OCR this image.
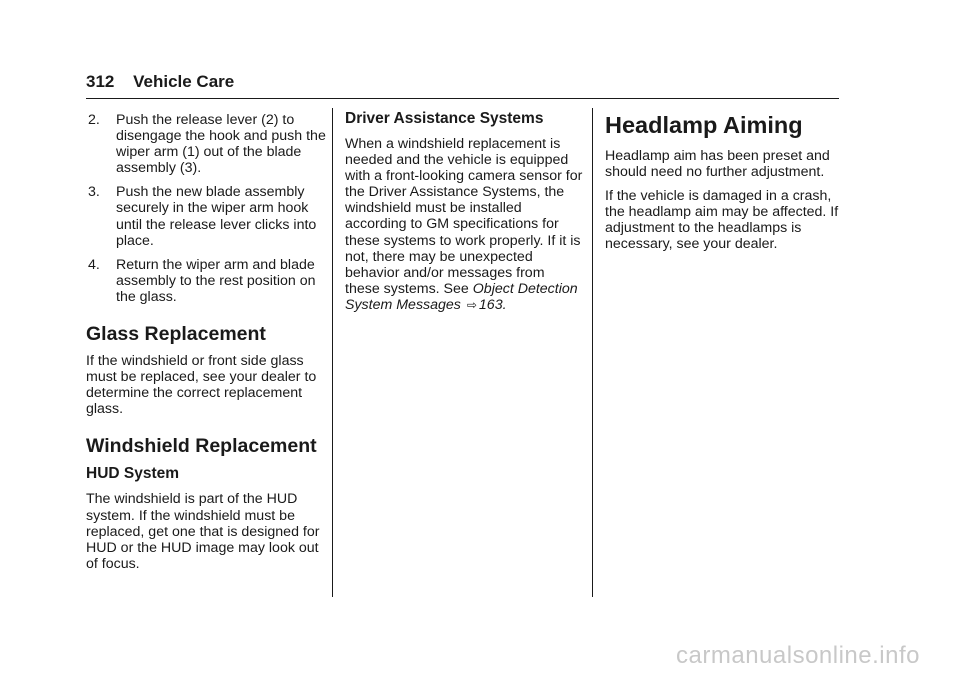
312 Vehicle Care
2. Push the release lever (2) to disengage the hook and push the wiper arm (1) out of the blade assembly (3).
3. Push the new blade assembly securely in the wiper arm hook until the release lever clicks into place.
4. Return the wiper arm and blade assembly to the rest position on the glass.
Glass Replacement

If the windshield or front side glass must be replaced, see your dealer to determine the correct replacement glass.

Windshield Replacement
HUD System

The windshield is part of the HUD system. If the windshield must be replaced, get one that is designed for HUD or the HUD image may look out of focus.

Driver Assistance Systems

When a windshield replacement is needed and the vehicle is equipped with a front-looking camera sensor for the Driver Assistance Systems, the windshield must be installed according to GM specifications for these systems to work properly. If it is not, there may be unexpected behavior and/or messages from these systems. See Object Detection System Messages ⇨ 163.

Headlamp Aiming

Headlamp aim has been preset and should need no further adjustment.

If the vehicle is damaged in a crash, the headlamp aim may be affected. If adjustment to the headlamps is necessary, see your dealer.

carmanualsonline.info
